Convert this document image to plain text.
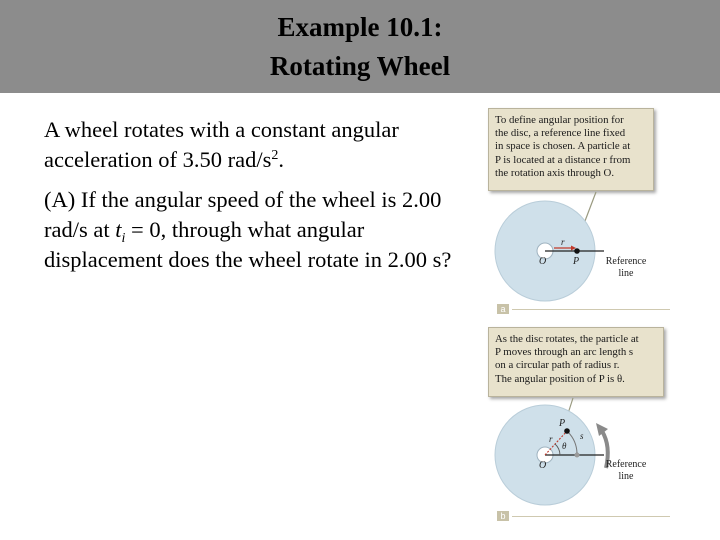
Example 10.1:
Rotating Wheel

A wheel rotates with a constant angular acceleration of 3.50 rad/$s^2$.

(A) If the angular speed of the wheel is 2.00 rad/s at $t_i = 0$, through what angular displacement does the wheel rotate in 2.00 s?

To define angular position for
the disc, a reference line fixed
in space is chosen. A particle at
P is located at a distance r from
the rotation axis through O.
r
O	P	Reference
line
a
As the disc rotates, the particle at
P moves through an arc length s
on a circular path of radius r.
The angular position of P is θ.
P
r
θ
s
O	Reference
line
b
